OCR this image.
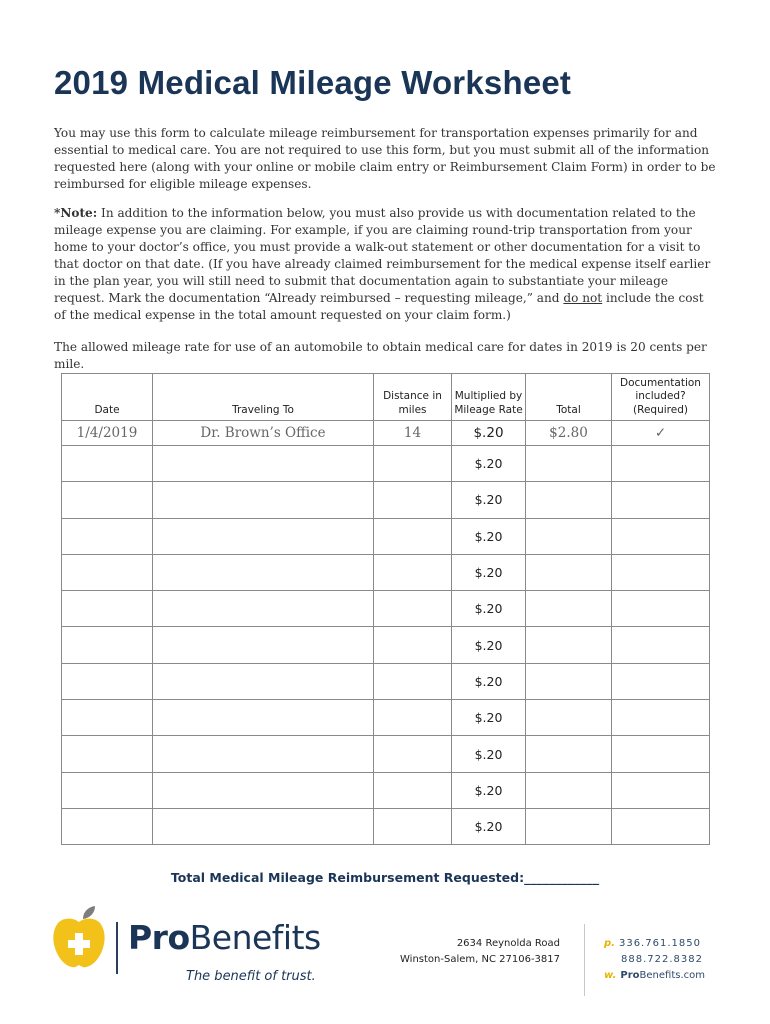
2019 Medical Mileage Worksheet

You may use this form to calculate mileage reimbursement for transportation expenses primarily for and essential to medical care. You are not required to use this form, but you must submit all of the information requested here (along with your online or mobile claim entry or Reimbursement Claim Form) in order to be reimbursed for eligible mileage expenses.

*Note: In addition to the information below, you must also provide us with documentation related to the mileage expense you are claiming. For example, if you are claiming round-trip transportation from your home to your doctor’s office, you must provide a walk-out statement or other documentation for a visit to that doctor on that date. (If you have already claimed reimbursement for the medical expense itself earlier in the plan year, you will still need to submit that documentation again to substantiate your mileage request. Mark the documentation “Already reimbursed – requesting mileage,” and do not include the cost of the medical expense in the total amount requested on your claim form.)

The allowed mileage rate for use of an automobile to obtain medical care for dates in 2019 is 20 cents per mile.

Date	Traveling To	Distance in miles	Multiplied by Mileage Rate	Total	Documentation included? (Required)
1/4/2019	Dr. Brown’s Office	14	$.20	$2.80	✓
			$.20		
			$.20		
			$.20		
			$.20		
			$.20		
			$.20		
			$.20		
			$.20		
			$.20		
			$.20		
			$.20		

Total Medical Mileage Reimbursement Requested:____________

ProBenefits
The benefit of trust.
2634 Reynolda Road
Winston-Salem, NC 27106-3817
p. 336.761.1850
888.722.8382
w. ProBenefits.com
